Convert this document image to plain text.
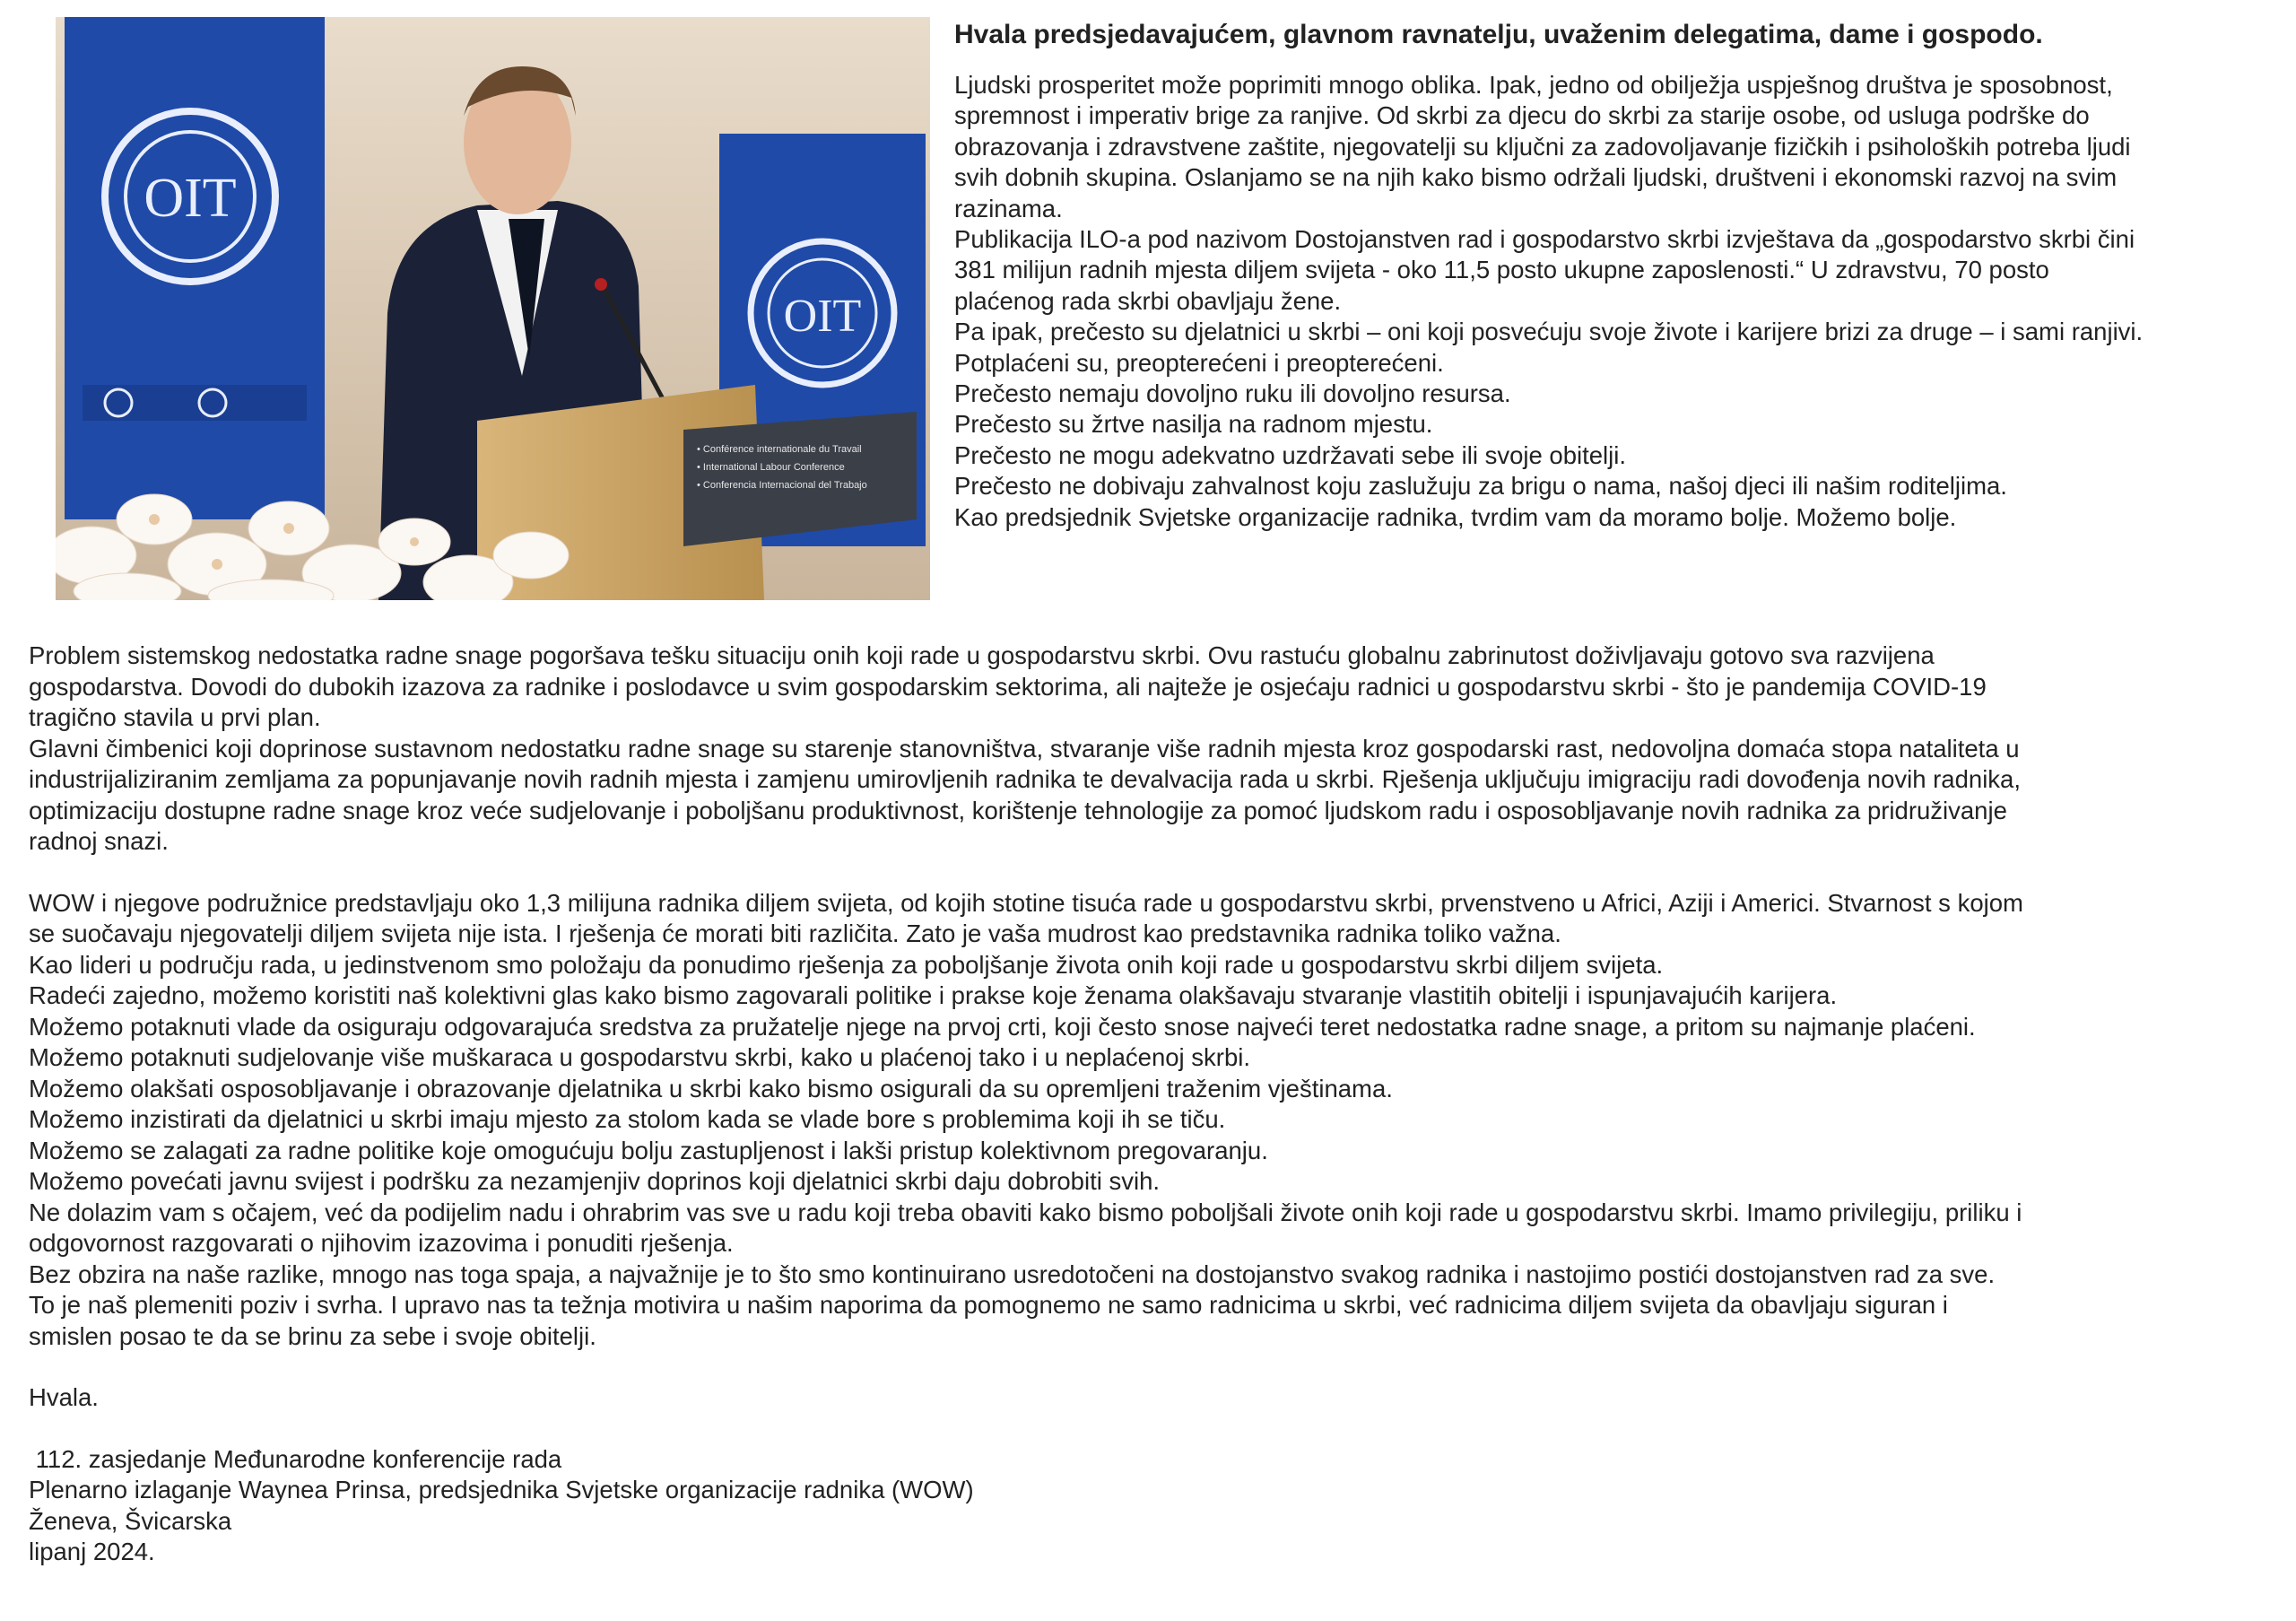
OIT
OIT
• Conférence internationale du Travail
• International Labour Conference
• Conferencia Internacional del Trabajo

Hvala predsjedavajućem, glavnom ravnatelju, uvaženim delegatima, dame i gospodo.

Ljudski prosperitet može poprimiti mnogo oblika. Ipak, jedno od obilježja uspješnog društva je sposobnost,

spremnost i imperativ brige za ranjive. Od skrbi za djecu do skrbi za starije osobe, od usluga podrške do

obrazovanja i zdravstvene zaštite, njegovatelji su ključni za zadovoljavanje fizičkih i psiholoških potreba ljudi

svih dobnih skupina. Oslanjamo se na njih kako bismo održali ljudski, društveni i ekonomski razvoj na svim

razinama.

Publikacija ILO-a pod nazivom Dostojanstven rad i gospodarstvo skrbi izvještava da „gospodarstvo skrbi čini

381 milijun radnih mjesta diljem svijeta - oko 11,5 posto ukupne zaposlenosti.“ U zdravstvu, 70 posto

plaćenog rada skrbi obavljaju žene.

Pa ipak, prečesto su djelatnici u skrbi – oni koji posvećuju svoje živote i karijere brizi za druge – i sami ranjivi.

Potplaćeni su, preopterećeni i preopterećeni.

Prečesto nemaju dovoljno ruku ili dovoljno resursa.

Prečesto su žrtve nasilja na radnom mjestu.

Prečesto ne mogu adekvatno uzdržavati sebe ili svoje obitelji.

Prečesto ne dobivaju zahvalnost koju zaslužuju za brigu o nama, našoj djeci ili našim roditeljima.

Kao predsjednik Svjetske organizacije radnika, tvrdim vam da moramo bolje. Možemo bolje.

Problem sistemskog nedostatka radne snage pogoršava tešku situaciju onih koji rade u gospodarstvu skrbi. Ovu rastuću globalnu zabrinutost doživljavaju gotovo sva razvijena

gospodarstva. Dovodi do dubokih izazova za radnike i poslodavce u svim gospodarskim sektorima, ali najteže je osjećaju radnici u gospodarstvu skrbi - što je pandemija COVID-19

tragično stavila u prvi plan.

Glavni čimbenici koji doprinose sustavnom nedostatku radne snage su starenje stanovništva, stvaranje više radnih mjesta kroz gospodarski rast, nedovoljna domaća stopa nataliteta u

industrijaliziranim zemljama za popunjavanje novih radnih mjesta i zamjenu umirovljenih radnika te devalvacija rada u skrbi. Rješenja uključuju imigraciju radi dovođenja novih radnika,

optimizaciju dostupne radne snage kroz veće sudjelovanje i poboljšanu produktivnost, korištenje tehnologije za pomoć ljudskom radu i osposobljavanje novih radnika za pridruživanje

radnoj snazi.

WOW i njegove podružnice predstavljaju oko 1,3 milijuna radnika diljem svijeta, od kojih stotine tisuća rade u gospodarstvu skrbi, prvenstveno u Africi, Aziji i Americi. Stvarnost s kojom

se suočavaju njegovatelji diljem svijeta nije ista. I rješenja će morati biti različita. Zato je vaša mudrost kao predstavnika radnika toliko važna.

Kao lideri u području rada, u jedinstvenom smo položaju da ponudimo rješenja za poboljšanje života onih koji rade u gospodarstvu skrbi diljem svijeta.

Radeći zajedno, možemo koristiti naš kolektivni glas kako bismo zagovarali politike i prakse koje ženama olakšavaju stvaranje vlastitih obitelji i ispunjavajućih karijera.

Možemo potaknuti vlade da osiguraju odgovarajuća sredstva za pružatelje njege na prvoj crti, koji često snose najveći teret nedostatka radne snage, a pritom su najmanje plaćeni.

Možemo potaknuti sudjelovanje više muškaraca u gospodarstvu skrbi, kako u plaćenoj tako i u neplaćenoj skrbi.

Možemo olakšati osposobljavanje i obrazovanje djelatnika u skrbi kako bismo osigurali da su opremljeni traženim vještinama.

Možemo inzistirati da djelatnici u skrbi imaju mjesto za stolom kada se vlade bore s problemima koji ih se tiču.

Možemo se zalagati za radne politike koje omogućuju bolju zastupljenost i lakši pristup kolektivnom pregovaranju.

Možemo povećati javnu svijest i podršku za nezamjenjiv doprinos koji djelatnici skrbi daju dobrobiti svih.

Ne dolazim vam s očajem, već da podijelim nadu i ohrabrim vas sve u radu koji treba obaviti kako bismo poboljšali živote onih koji rade u gospodarstvu skrbi. Imamo privilegiju, priliku i

odgovornost razgovarati o njihovim izazovima i ponuditi rješenja.

Bez obzira na naše razlike, mnogo nas toga spaja, a najvažnije je to što smo kontinuirano usredotočeni na dostojanstvo svakog radnika i nastojimo postići dostojanstven rad za sve.

To je naš plemeniti poziv i svrha. I upravo nas ta težnja motivira u našim naporima da pomognemo ne samo radnicima u skrbi, već radnicima diljem svijeta da obavljaju siguran i

smislen posao te da se brinu za sebe i svoje obitelji.

Hvala.

112. zasjedanje Međunarodne konferencije rada

Plenarno izlaganje Waynea Prinsa, predsjednika Svjetske organizacije radnika (WOW)

Ženeva, Švicarska

lipanj 2024.
